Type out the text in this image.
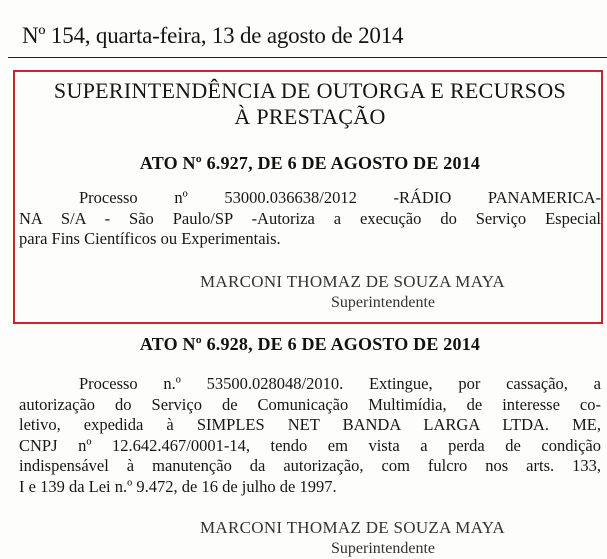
Nº 154, quarta-feira, 13 de agosto de 2014
SUPERINTENDÊNCIA DE OUTORGA E RECURSOS
À PRESTAÇÃO
ATO Nº 6.927, DE 6 DE AGOSTO DE 2014
Processo nº 53000.036638/2012 -RÁDIO PANAMERICA-
NA S/A - São Paulo/SP -Autoriza a execução do Serviço Especial
para Fins Científicos ou Experimentais.
MARCONI THOMAZ DE SOUZA MAYA
Superintendente
ATO Nº 6.928, DE 6 DE AGOSTO DE 2014
Processo n.º 53500.028048/2010. Extingue, por cassação, a
autorização do Serviço de Comunicação Multimídia, de interesse co-
letivo, expedida à SIMPLES NET BANDA LARGA LTDA. ME,
CNPJ nº 12.642.467/0001-14, tendo em vista a perda de condição
indispensável à manutenção da autorização, com fulcro nos arts. 133,
I e 139 da Lei n.º 9.472, de 16 de julho de 1997.
MARCONI THOMAZ DE SOUZA MAYA
Superintendente
